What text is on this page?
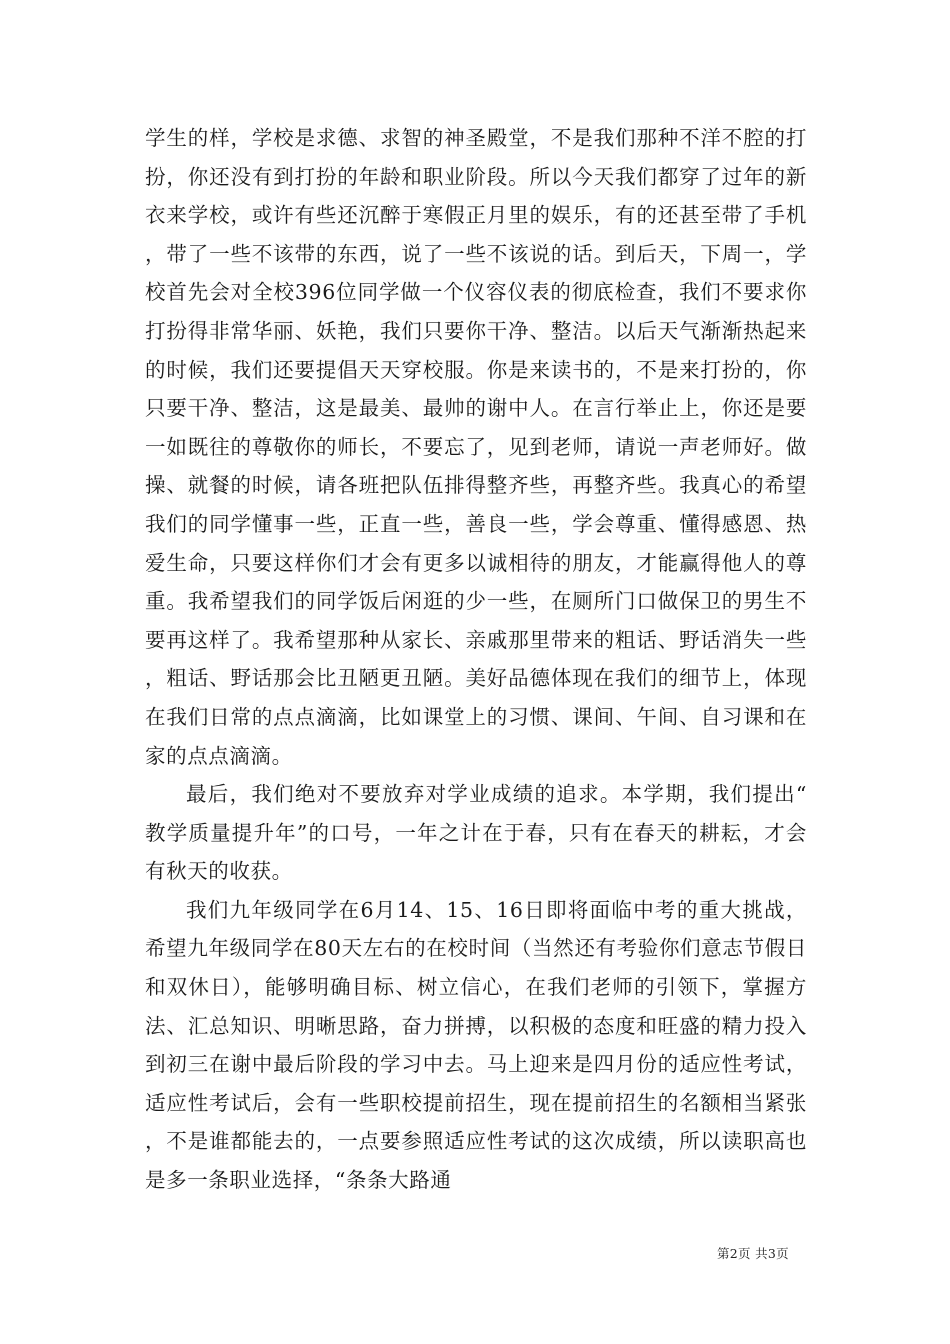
学生的样，学校是求德、求智的神圣殿堂，不是我们那种不洋不腔的打扮，你还没有到打扮的年龄和职业阶段。所以今天我们都穿了过年的新衣来学校，或许有些还沉醉于寒假正月里的娱乐，有的还甚至带了手机，带了一些不该带的东西，说了一些不该说的话。到后天，下周一，学校首先会对全校396位同学做一个仪容仪表的彻底检查，我们不要求你打扮得非常华丽、妖艳，我们只要你干净、整洁。以后天气渐渐热起来的时候，我们还要提倡天天穿校服。你是来读书的，不是来打扮的，你只要干净、整洁，这是最美、最帅的谢中人。在言行举止上，你还是要一如既往的尊敬你的师长，不要忘了，见到老师，请说一声老师好。做操、就餐的时候，请各班把队伍排得整齐些，再整齐些。我真心的希望我们的同学懂事一些，正直一些，善良一些，学会尊重、懂得感恩、热爱生命，只要这样你们才会有更多以诚相待的朋友，才能赢得他人的尊重。我希望我们的同学饭后闲逛的少一些，在厕所门口做保卫的男生不要再这样了。我希望那种从家长、亲戚那里带来的粗话、野话消失一些，粗话、野话那会比丑陋更丑陋。美好品德体现在我们的细节上，体现在我们日常的点点滴滴，比如课堂上的习惯、课间、午间、自习课和在家的点点滴滴。

最后，我们绝对不要放弃对学业成绩的追求。本学期，我们提出“教学质量提升年”的口号，一年之计在于春，只有在春天的耕耘，才会有秋天的收获。

我们九年级同学在6月14、15、16日即将面临中考的重大挑战，希望九年级同学在80天左右的在校时间（当然还有考验你们意志节假日和双休日），能够明确目标、树立信心，在我们老师的引领下，掌握方法、汇总知识、明晰思路，奋力拼搏，以积极的态度和旺盛的精力投入到初三在谢中最后阶段的学习中去。马上迎来是四月份的适应性考试，适应性考试后，会有一些职校提前招生，现在提前招生的名额相当紧张，不是谁都能去的，一点要参照适应性考试的这次成绩，所以读职高也是多一条职业选择，“条条大路通

第2页 共3页
